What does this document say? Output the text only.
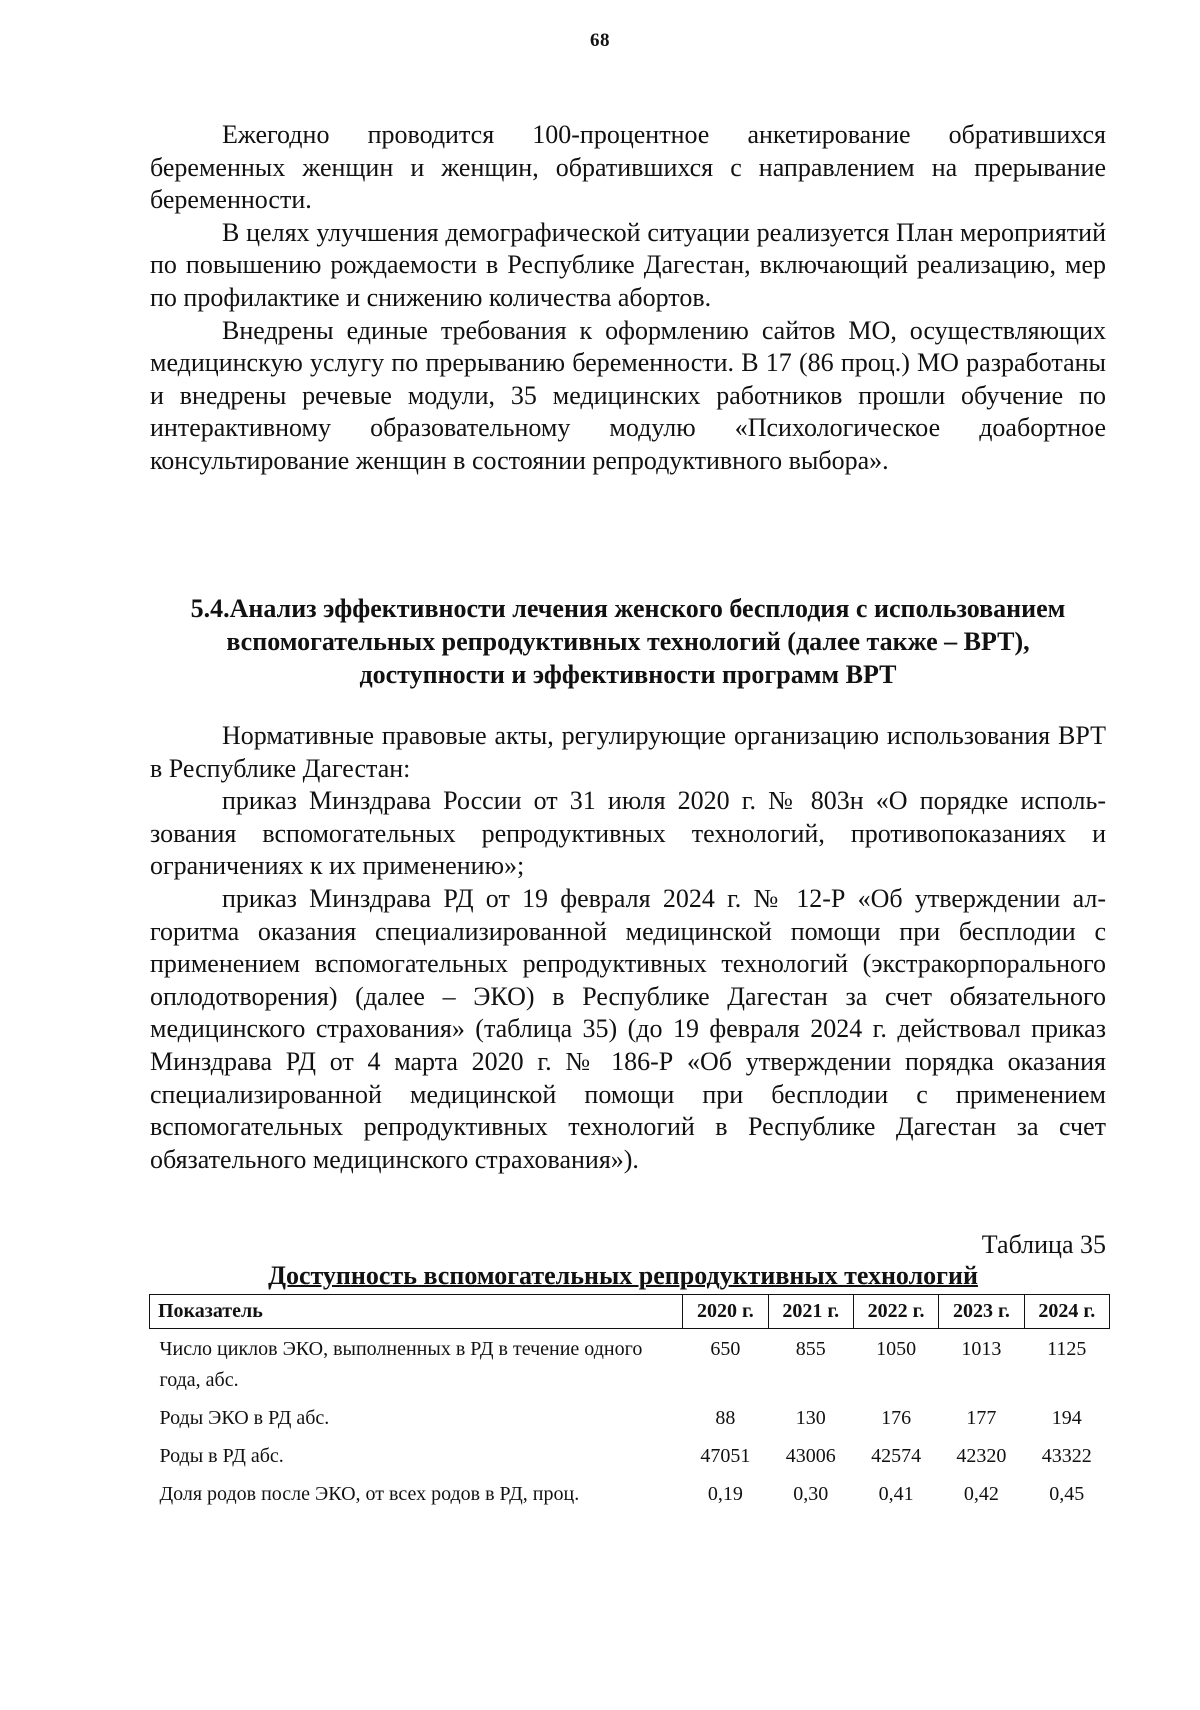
68

Ежегодно проводится 100-процентное анкетирование обратившихся беременных женщин и женщин, обратившихся с направлением на прерывание беременности.

В целях улучшения демографической ситуации реализуется План мероприятий по повышению рождаемости в Республике Дагестан, включающий реализацию, мер по профилактике и снижению количества абортов.

Внедрены единые требования к оформлению сайтов МО, осуществляющих медицинскую услугу по прерыванию беременности. В 17 (86 проц.) МО разработаны и внедрены речевые модули, 35 медицинских работников прошли обучение по интерактивному образовательному модулю «Психологическое доабортное консультирование женщин в состоянии репродуктивного выбора».

5.4.Анализ эффективности лечения женского бесплодия с использованием
вспомогательных репродуктивных технологий (далее также – ВРТ),
доступности и эффективности программ ВРТ

Нормативные правовые акты, регулирующие организацию использования ВРТ в Республике Дагестан:

приказ Минздрава России от 31 июля 2020 г. № 803н «О порядке использования вспомогательных репродуктивных технологий, противопоказаниях и ограничениях к их применению»;

приказ Минздрава РД от 19 февраля 2024 г. № 12-Р «Об утверждении алгоритма оказания специализированной медицинской помощи при бесплодии с применением вспомогательных репродуктивных технологий (экстракорпорального оплодотворения) (далее – ЭКО) в Республике Дагестан за счет обязательного медицинского страхования» (таблица 35) (до 19 февраля 2024 г. действовал приказ Минздрава РД от 4 марта 2020 г. № 186-Р «Об утверждении порядка оказания специализированной медицинской помощи при бесплодии с применением вспомогательных репродуктивных технологий в Республике Дагестан за счет обязательного медицинского страхования»).

Таблица 35
Доступность вспомогательных репродуктивных технологий
Показатель	2020 г.	2021 г.	2022 г.	2023 г.	2024 г.
Число циклов ЭКО, выполненных в РД в течение одного года, абс.	650	855	1050	1013	1125
Роды ЭКО в РД абс.	88	130	176	177	194
Роды в РД абс.	47051	43006	42574	42320	43322
Доля родов после ЭКО, от всех родов в РД, проц.	0,19	0,30	0,41	0,42	0,45
